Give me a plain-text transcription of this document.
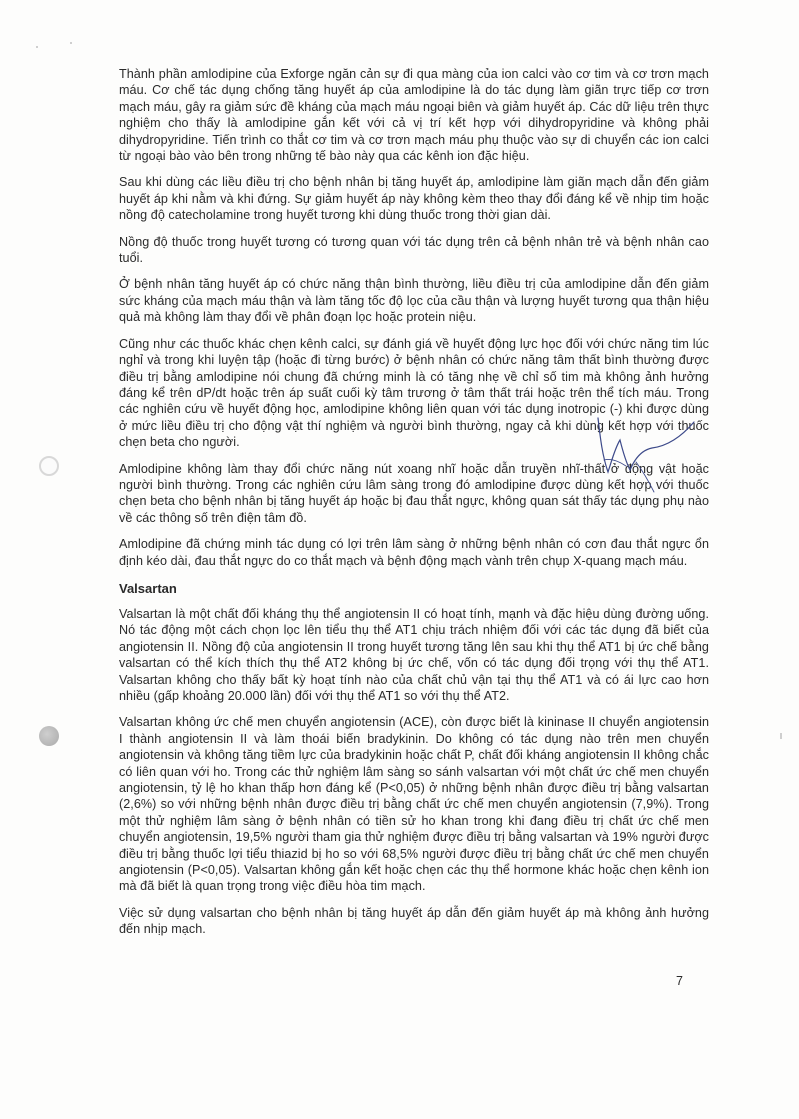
Thành phần amlodipine của Exforge ngăn cản sự đi qua màng của ion calci vào cơ tim và cơ trơn mạch máu. Cơ chế tác dụng chống tăng huyết áp của amlodipine là do tác dụng làm giãn trực tiếp cơ trơn mạch máu, gây ra giảm sức đề kháng của mạch máu ngoại biên và giảm huyết áp. Các dữ liệu trên thực nghiệm cho thấy là amlodipine gắn kết với cả vị trí kết hợp với dihydropyridine và không phải dihydropyridine. Tiến trình co thắt cơ tim và cơ trơn mạch máu phụ thuộc vào sự di chuyển các ion calci từ ngoại bào vào bên trong những tế bào này qua các kênh ion đặc hiệu.

Sau khi dùng các liều điều trị cho bệnh nhân bị tăng huyết áp, amlodipine làm giãn mạch dẫn đến giảm huyết áp khi nằm và khi đứng. Sự giảm huyết áp này không kèm theo thay đổi đáng kể về nhịp tim hoặc nồng độ catecholamine trong huyết tương khi dùng thuốc trong thời gian dài.

Nồng độ thuốc trong huyết tương có tương quan với tác dụng trên cả bệnh nhân trẻ và bệnh nhân cao tuổi.

Ở bệnh nhân tăng huyết áp có chức năng thận bình thường, liều điều trị của amlodipine dẫn đến giảm sức kháng của mạch máu thận và làm tăng tốc độ lọc của cầu thận và lượng huyết tương qua thận hiệu quả mà không làm thay đổi về phân đoạn lọc hoặc protein niệu.

Cũng như các thuốc khác chẹn kênh calci, sự đánh giá về huyết động lực học đối với chức năng tim lúc nghỉ và trong khi luyện tập (hoặc đi từng bước) ở bệnh nhân có chức năng tâm thất bình thường được điều trị bằng amlodipine nói chung đã chứng minh là có tăng nhẹ về chỉ số tim mà không ảnh hưởng đáng kể trên dP/dt hoặc trên áp suất cuối kỳ tâm trương ở tâm thất trái hoặc trên thể tích máu. Trong các nghiên cứu về huyết động học, amlodipine không liên quan với tác dụng inotropic (-) khi được dùng ở mức liều điều trị cho động vật thí nghiệm và người bình thường, ngay cả khi dùng kết hợp với thuốc chẹn beta cho người.

Amlodipine không làm thay đổi chức năng nút xoang nhĩ hoặc dẫn truyền nhĩ-thất ở động vật hoặc người bình thường. Trong các nghiên cứu lâm sàng trong đó amlodipine được dùng kết hợp với thuốc chẹn beta cho bệnh nhân bị tăng huyết áp hoặc bị đau thắt ngực, không quan sát thấy tác dụng phụ nào về các thông số trên điện tâm đồ.

Amlodipine đã chứng minh tác dụng có lợi trên lâm sàng ở những bệnh nhân có cơn đau thắt ngực ổn định kéo dài, đau thắt ngực do co thắt mạch và bệnh động mạch vành trên chụp X-quang mạch máu.

Valsartan

Valsartan là một chất đối kháng thụ thể angiotensin II có hoạt tính, mạnh và đặc hiệu dùng đường uống. Nó tác động một cách chọn lọc lên tiểu thụ thể AT1 chịu trách nhiệm đối với các tác dụng đã biết của angiotensin II. Nồng độ của angiotensin II trong huyết tương tăng lên sau khi thụ thể AT1 bị ức chế bằng valsartan có thể kích thích thụ thể AT2 không bị ức chế, vốn có tác dụng đối trọng với thụ thể AT1. Valsartan không cho thấy bất kỳ hoạt tính nào của chất chủ vận tại thụ thể AT1 và có ái lực cao hơn nhiều (gấp khoảng 20.000 lần) đối với thụ thể AT1 so với thụ thể AT2.

Valsartan không ức chế men chuyển angiotensin (ACE), còn được biết là kininase II chuyển angiotensin I thành angiotensin II và làm thoái biến bradykinin. Do không có tác dụng nào trên men chuyển angiotensin và không tăng tiềm lực của bradykinin hoặc chất P, chất đối kháng angiotensin II không chắc có liên quan với ho. Trong các thử nghiệm lâm sàng so sánh valsartan với một chất ức chế men chuyển angiotensin, tỷ lệ ho khan thấp hơn đáng kể (P<0,05) ở những bệnh nhân được điều trị bằng valsartan (2,6%) so với những bệnh nhân được điều trị bằng chất ức chế men chuyển angiotensin (7,9%). Trong một thử nghiệm lâm sàng ở bệnh nhân có tiền sử ho khan trong khi đang điều trị chất ức chế men chuyển angiotensin, 19,5% người tham gia thử nghiệm được điều trị bằng valsartan và 19% người được điều trị bằng thuốc lợi tiểu thiazid bị ho so với 68,5% người được điều trị bằng chất ức chế men chuyển angiotensin (P<0,05). Valsartan không gắn kết hoặc chẹn các thụ thể hormone khác hoặc chẹn kênh ion mà đã biết là quan trọng trong việc điều hòa tim mạch.

Việc sử dụng valsartan cho bệnh nhân bị tăng huyết áp dẫn đến giảm huyết áp mà không ảnh hưởng đến nhịp mạch.

7
